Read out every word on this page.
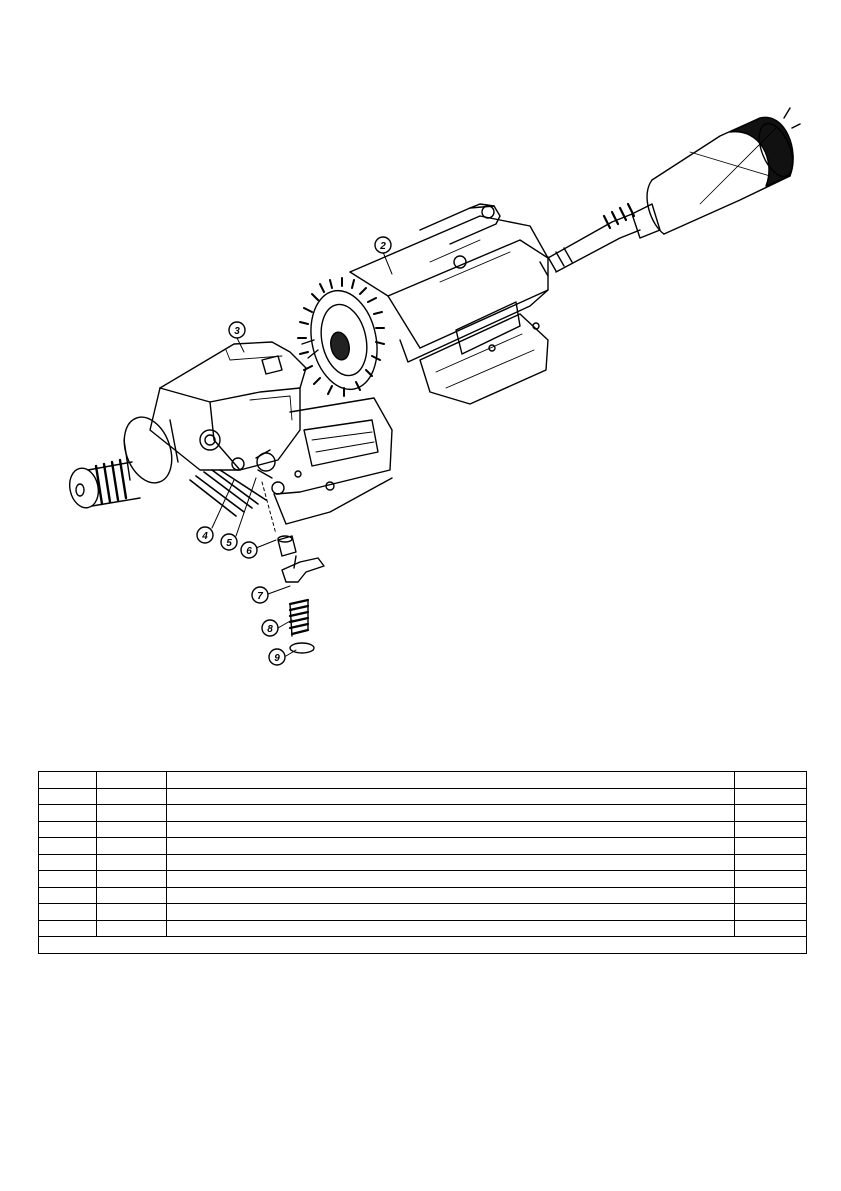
2
3
4
5
6
7
8
9
